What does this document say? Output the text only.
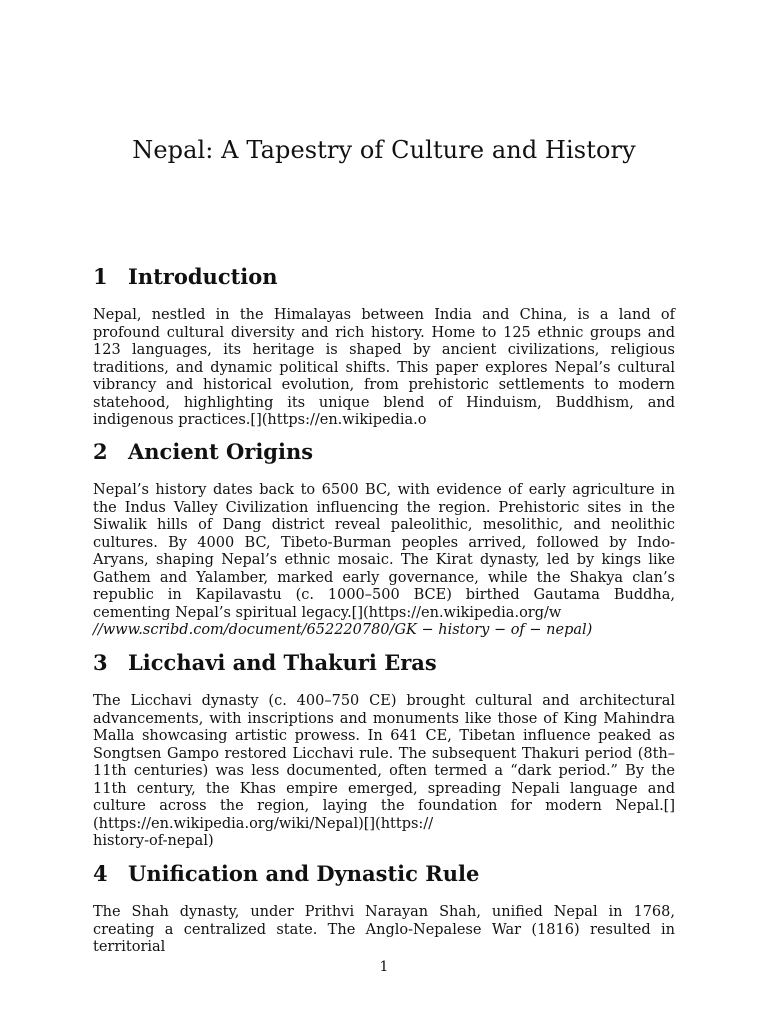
Nepal: A Tapestry of Culture and History
1 Introduction

Nepal, nestled in the Himalayas between India and China, is a land of profound cultural diversity and rich history. Home to 125 ethnic groups and 123 languages, its heritage is shaped by ancient civilizations, religious traditions, and dynamic political shifts. This paper explores Nepal’s cultural vibrancy and historical evolution, from prehistoric settlements to modern statehood, highlighting its unique blend of Hinduism, Buddhism, and indigenous practices.[](https://en.wikipedia.o

2 Ancient Origins

Nepal’s history dates back to 6500 BC, with evidence of early agriculture in the Indus Valley Civilization influencing the region. Prehistoric sites in the Siwalik hills of Dang district reveal paleolithic, mesolithic, and neolithic cultures. By 4000 BC, Tibeto-Burman peoples arrived, followed by Indo-Aryans, shaping Nepal’s ethnic mosaic. The Kirat dynasty, led by kings like Gathem and Yalamber, marked early governance, while the Shakya clan’s republic in Kapilavastu (c. 1000–500 BCE) birthed Gautama Buddha, cementing Nepal’s spiritual legacy.[](https://en.wikipedia.org/w

//www.scribd.com/document/652220780/GK − history − of − nepal)
3 Licchavi and Thakuri Eras

The Licchavi dynasty (c. 400–750 CE) brought cultural and architectural advancements, with inscriptions and monuments like those of King Mahindra Malla showcasing artistic prowess. In 641 CE, Tibetan influence peaked as Songtsen Gampo restored Licchavi rule. The subsequent Thakuri period (8th–11th centuries) was less documented, often termed a “dark period.” By the 11th century, the Khas empire emerged, spreading Nepali language and culture across the region, laying the foundation for modern Nepal.[](https://en.wikipedia.org/wiki/Nepal)[](https://

history-of-nepal)
4 Unification and Dynastic Rule

The Shah dynasty, under Prithvi Narayan Shah, unified Nepal in 1768, creating a centralized state. The Anglo-Nepalese War (1816) resulted in territorial

1
